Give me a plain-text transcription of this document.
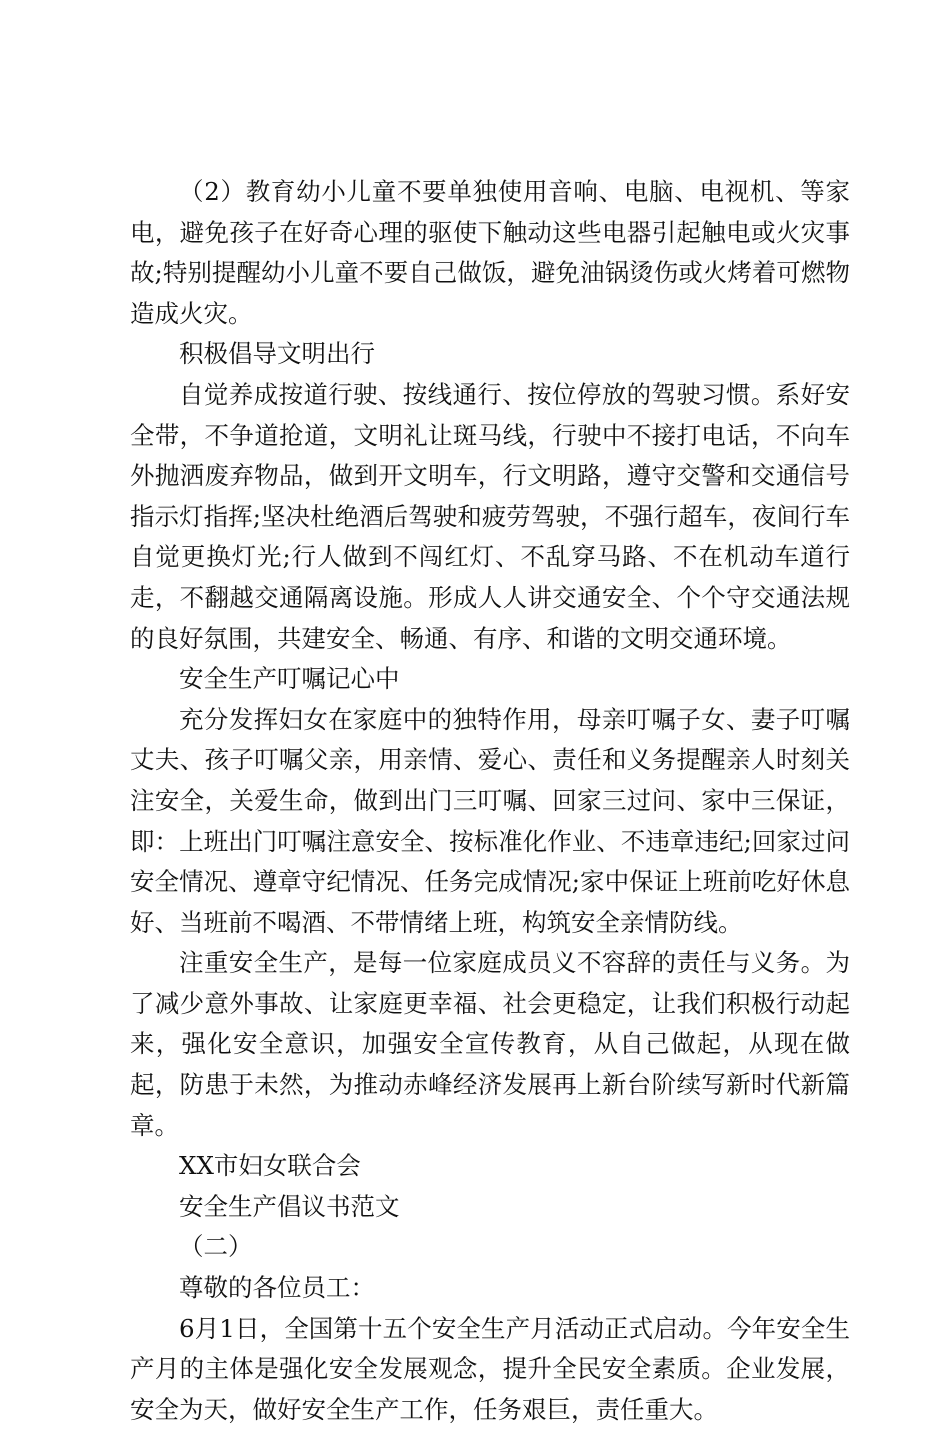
（2）教育幼小儿童不要单独使用音响、电脑、电视机、等家电，避免孩子在好奇心理的驱使下触动这些电器引起触电或火灾事故;特别提醒幼小儿童不要自己做饭，避免油锅烫伤或火烤着可燃物造成火灾。

积极倡导文明出行

自觉养成按道行驶、按线通行、按位停放的驾驶习惯。系好安全带，不争道抢道，文明礼让斑马线，行驶中不接打电话，不向车外抛洒废弃物品，做到开文明车，行文明路，遵守交警和交通信号指示灯指挥;坚决杜绝酒后驾驶和疲劳驾驶，不强行超车，夜间行车自觉更换灯光;行人做到不闯红灯、不乱穿马路、不在机动车道行走，不翻越交通隔离设施。形成人人讲交通安全、个个守交通法规的良好氛围，共建安全、畅通、有序、和谐的文明交通环境。

安全生产叮嘱记心中

充分发挥妇女在家庭中的独特作用，母亲叮嘱子女、妻子叮嘱丈夫、孩子叮嘱父亲，用亲情、爱心、责任和义务提醒亲人时刻关注安全，关爱生命，做到出门三叮嘱、回家三过问、家中三保证，即：上班出门叮嘱注意安全、按标准化作业、不违章违纪;回家过问安全情况、遵章守纪情况、任务完成情况;家中保证上班前吃好休息好、当班前不喝酒、不带情绪上班，构筑安全亲情防线。

注重安全生产，是每一位家庭成员义不容辞的责任与义务。为了减少意外事故、让家庭更幸福、社会更稳定，让我们积极行动起来，强化安全意识，加强安全宣传教育，从自己做起，从现在做起，防患于未然，为推动赤峰经济发展再上新台阶续写新时代新篇章。

XX市妇女联合会

安全生产倡议书范文

（二）

尊敬的各位员工：

6月1日，全国第十五个安全生产月活动正式启动。今年安全生产月的主体是强化安全发展观念，提升全民安全素质。企业发展，安全为天，做好安全生产工作，任务艰巨，责任重大。
